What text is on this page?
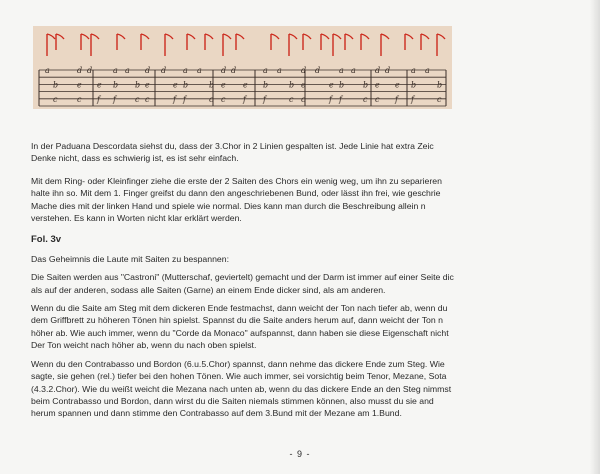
a
b
c c
d
e
d
e
f f
a
b
a
b
c c
d
e
d
e
f f
a
b
a
b
c c
d
e
d
e
f f
a
b
a
b
c c
d
e
d
e
f f
a
b
a
b
c c
d
e
d
e
f f
a
b
a
b
c

In der Paduana Descordata siehst du, dass der 3.Chor in 2 Linien gespalten ist. Jede Linie hat extra Zeic
Denke nicht, dass es schwierig ist, es ist sehr einfach.

Mit dem Ring- oder Kleinfinger ziehe die erste der 2 Saiten des Chors ein wenig weg, um ihn zu separieren
halte ihn so. Mit dem 1. Finger greifst du dann den angeschriebenen Bund, oder lässt ihn frei, wie geschrie
Mache dies mit der linken Hand und spiele wie normal. Dies kann man durch die Beschreibung allein n
verstehen. Es kann in Worten nicht klar erklärt werden.

Fol. 3v

Das Geheimnis die Laute mit Saiten zu bespannen:

Die Saiten werden aus "Castroni" (Mutterschaf, geviertelt) gemacht und der Darm ist immer auf einer Seite dic
als auf der anderen, sodass alle Saiten (Garne) an einem Ende dicker sind, als am anderen.

Wenn du die Saite am Steg mit dem dickeren Ende festmachst, dann weicht der Ton nach tiefer ab, wenn du
dem Griffbrett zu höheren Tönen hin spielst. Spannst du die Saite anders herum auf, dann weicht der Ton n
höher ab. Wie auch immer, wenn du "Corde da Monaco" aufspannst, dann haben sie diese Eigenschaft nicht
Der Ton weicht nach höher ab, wenn du nach oben spielst.

Wenn du den Contrabasso und Bordon (6.u.5.Chor) spannst, dann nehme das dickere Ende zum Steg. Wie
sagte, sie gehen (rel.) tiefer bei den hohen Tönen. Wie auch immer, sei vorsichtig beim Tenor, Mezane, Sota
(4.3.2.Chor). Wie du weißt weicht die Mezana nach unten ab, wenn du das dickere Ende an den Steg nimmst
beim Contrabasso und Bordon, dann wirst du die Saiten niemals stimmen können, also musst du sie and
herum spannen und dann stimme den Contrabasso auf dem 3.Bund mit der Mezane am 1.Bund.

- 9 -
